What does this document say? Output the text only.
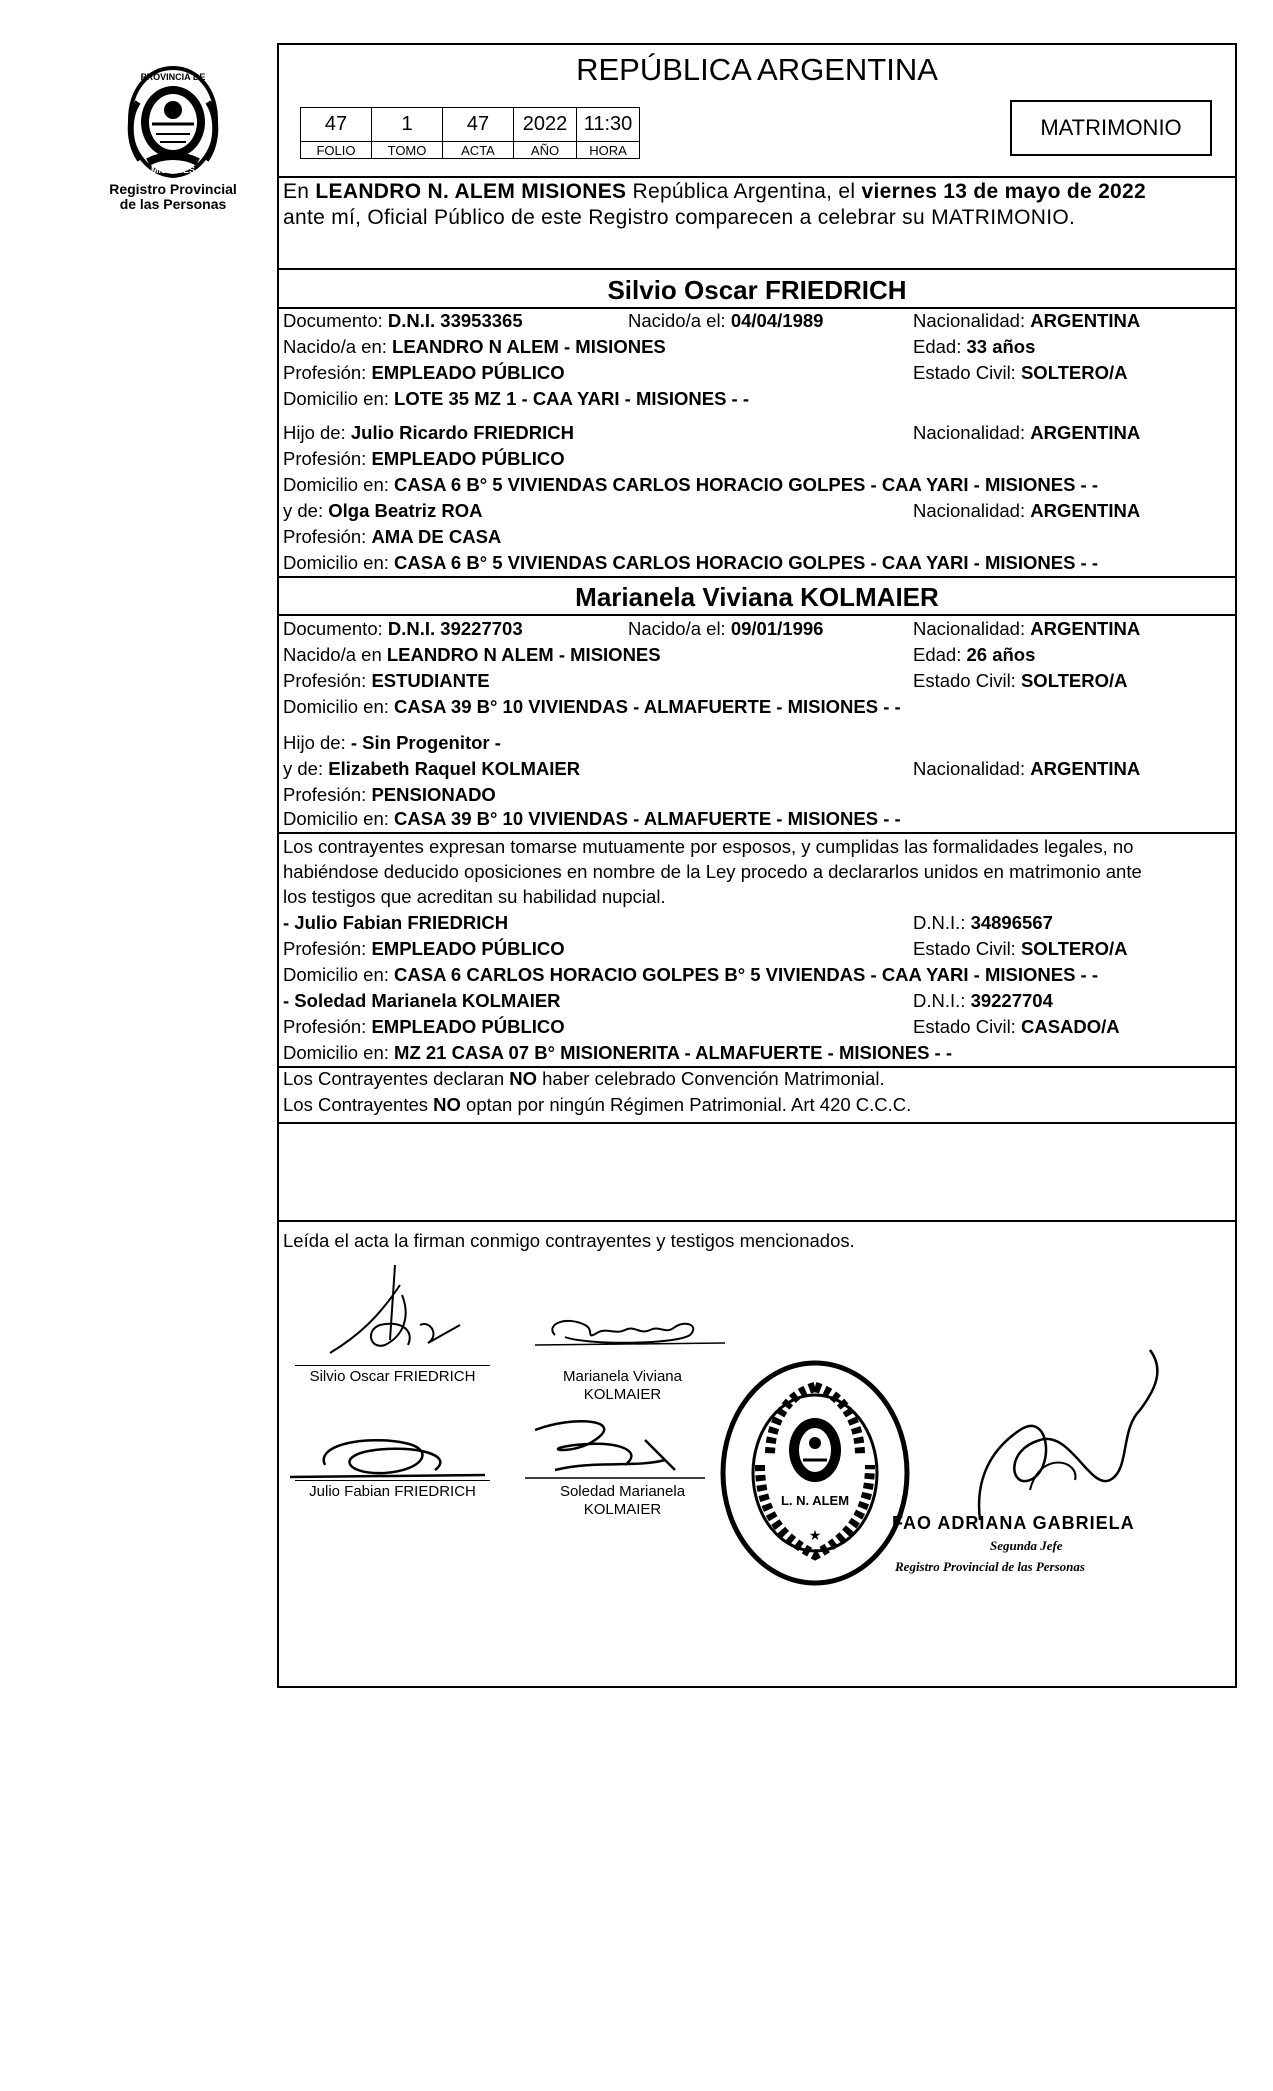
PROVINCIA DE
MISIONES
Registro Provincial
de las Personas
REPÚBLICA ARGENTINA
47	1	47	2022	11:30
FOLIO	TOMO	ACTA	AÑO	HORA
MATRIMONIO
En LEANDRO N. ALEM MISIONES República Argentina, el viernes 13 de mayo de 2022
ante mí, Oficial Público de este Registro comparecen a celebrar su MATRIMONIO.
Silvio Oscar FRIEDRICH
Documento: D.N.I. 33953365	Nacido/a el: 04/04/1989	Nacionalidad: ARGENTINA
Nacido/a en: LEANDRO N ALEM - MISIONES	Edad: 33 años
Profesión: EMPLEADO PÚBLICO	Estado Civil: SOLTERO/A
Domicilio en: LOTE 35 MZ 1 - CAA YARI - MISIONES - -
Hijo de: Julio Ricardo FRIEDRICH	Nacionalidad: ARGENTINA
Profesión: EMPLEADO PÚBLICO
Domicilio en: CASA 6 B° 5 VIVIENDAS CARLOS HORACIO GOLPES - CAA YARI - MISIONES - -
y de: Olga Beatriz ROA	Nacionalidad: ARGENTINA
Profesión: AMA DE CASA
Domicilio en: CASA 6 B° 5 VIVIENDAS CARLOS HORACIO GOLPES - CAA YARI - MISIONES - -
Marianela Viviana KOLMAIER
Documento: D.N.I. 39227703	Nacido/a el: 09/01/1996	Nacionalidad: ARGENTINA
Nacido/a en LEANDRO N ALEM - MISIONES	Edad: 26 años
Profesión: ESTUDIANTE	Estado Civil: SOLTERO/A
Domicilio en: CASA 39 B° 10 VIVIENDAS - ALMAFUERTE - MISIONES - -
Hijo de: - Sin Progenitor -
y de: Elizabeth Raquel KOLMAIER	Nacionalidad: ARGENTINA
Profesión: PENSIONADO
Domicilio en: CASA 39 B° 10 VIVIENDAS - ALMAFUERTE - MISIONES - -
Los contrayentes expresan tomarse mutuamente por esposos, y cumplidas las formalidades legales, no
habiéndose deducido oposiciones en nombre de la Ley procedo a declararlos unidos en matrimonio ante
los testigos que acreditan su habilidad nupcial.
- Julio Fabian FRIEDRICH	D.N.I.: 34896567
Profesión: EMPLEADO PÚBLICO	Estado Civil: SOLTERO/A
Domicilio en: CASA 6 CARLOS HORACIO GOLPES B° 5 VIVIENDAS - CAA YARI - MISIONES - -
- Soledad Marianela KOLMAIER	D.N.I.: 39227704
Profesión: EMPLEADO PÚBLICO	Estado Civil: CASADO/A
Domicilio en: MZ 21 CASA 07 B° MISIONERITA - ALMAFUERTE - MISIONES - -
Los Contrayentes declaran NO haber celebrado Convención Matrimonial.
Los Contrayentes NO optan por ningún Régimen Patrimonial. Art 420 C.C.C.
Leída el acta la firman conmigo contrayentes y testigos mencionados.
Silvio Oscar FRIEDRICH	Marianela Viviana
KOLMAIER
Julio Fabian FRIEDRICH	Soledad Marianela
KOLMAIER
L. N. ALEM
★
FAO ADRIANA GABRIELA
Segunda Jefe
Registro Provincial de las Personas
